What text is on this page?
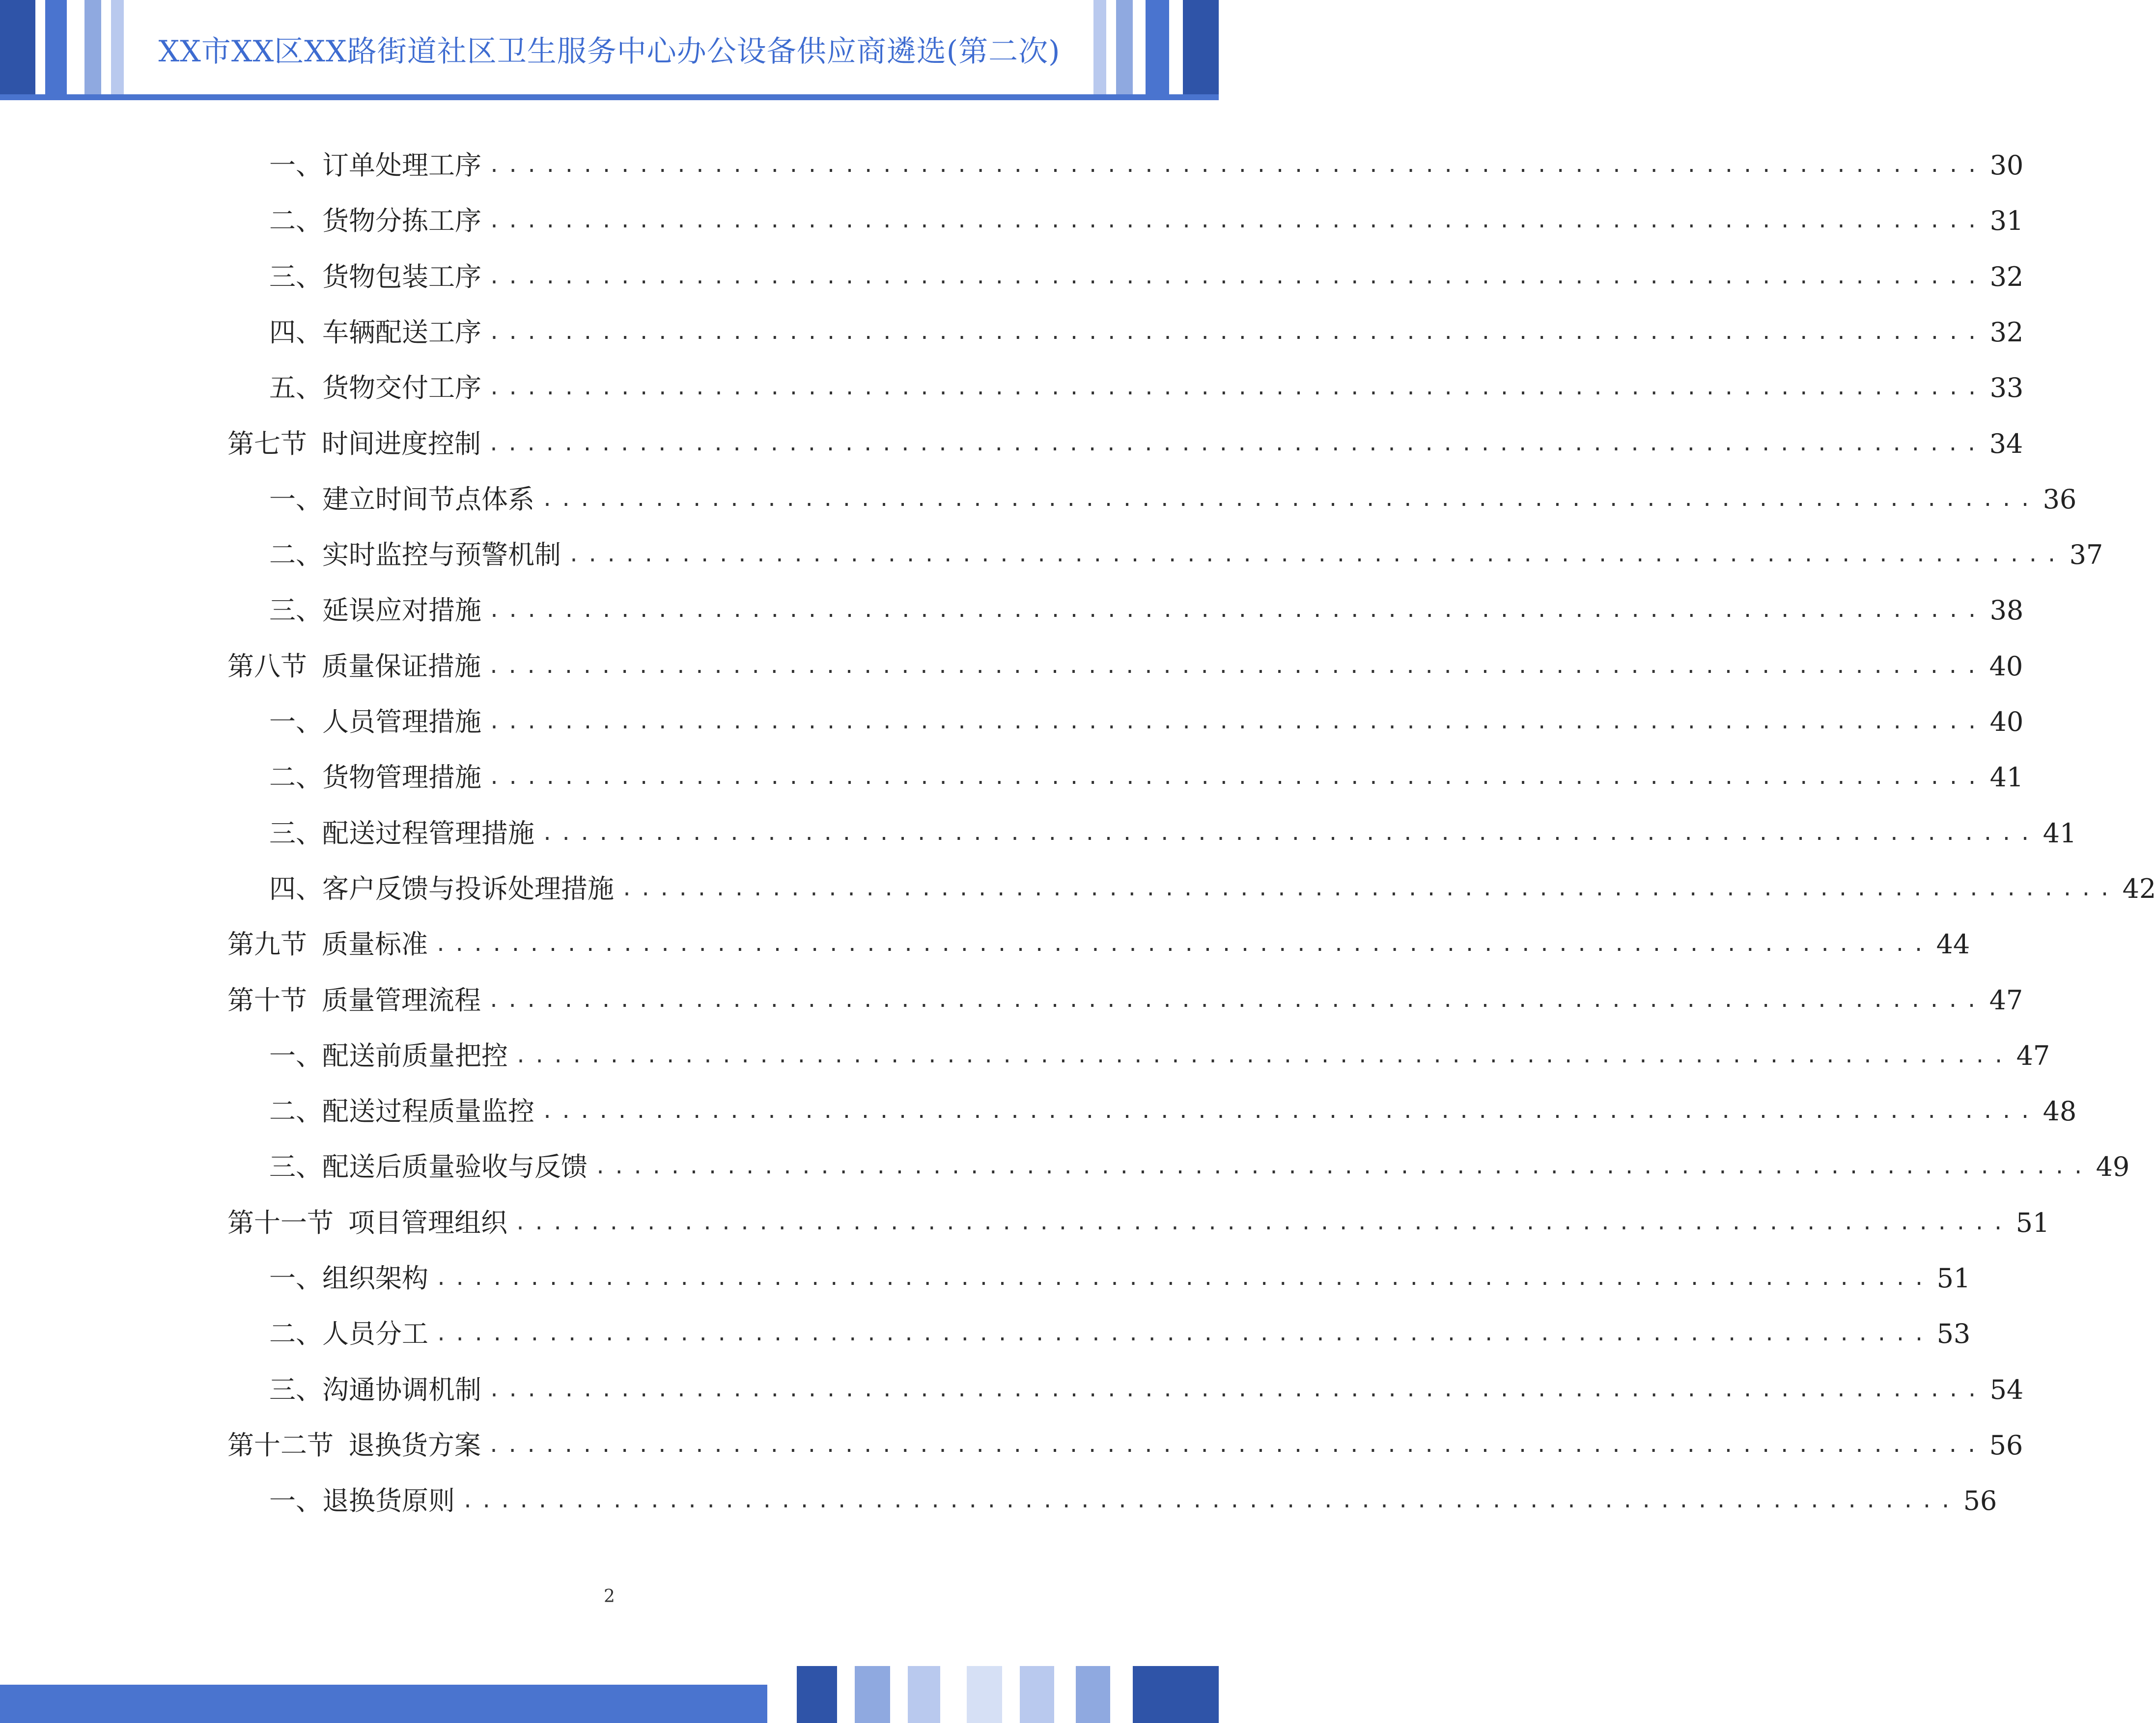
XX市XX区XX路街道社区卫生服务中心办公设备供应商遴选(第二次)
一、 订单处理工序 ................................................................................ 30
二、 货物分拣工序 ................................................................................ 31
三、 货物包装工序 ................................................................................ 32
四、 车辆配送工序 ................................................................................ 32
五、 货物交付工序 ................................................................................ 33
第七节 时间进度控制 ................................................................................ 34
一、 建立时间节点体系 ................................................................................ 36
二、 实时监控与预警机制 ................................................................................ 37
三、 延误应对措施 ................................................................................ 38
第八节 质量保证措施 ................................................................................ 40
一、 人员管理措施 ................................................................................ 40
二、 货物管理措施 ................................................................................ 41
三、 配送过程管理措施 ................................................................................ 41
四、 客户反馈与投诉处理措施 ................................................................................ 42
第九节 质量标准 ................................................................................ 44
第十节 质量管理流程 ................................................................................ 47
一、 配送前质量把控 ................................................................................ 47
二、 配送过程质量监控 ................................................................................ 48
三、 配送后质量验收与反馈 ................................................................................ 49
第十一节 项目管理组织 ................................................................................ 51
一、 组织架构 ................................................................................ 51
二、 人员分工 ................................................................................ 53
三、 沟通协调机制 ................................................................................ 54
第十二节 退换货方案 ................................................................................ 56
一、 退换货原则 ................................................................................ 56
2
